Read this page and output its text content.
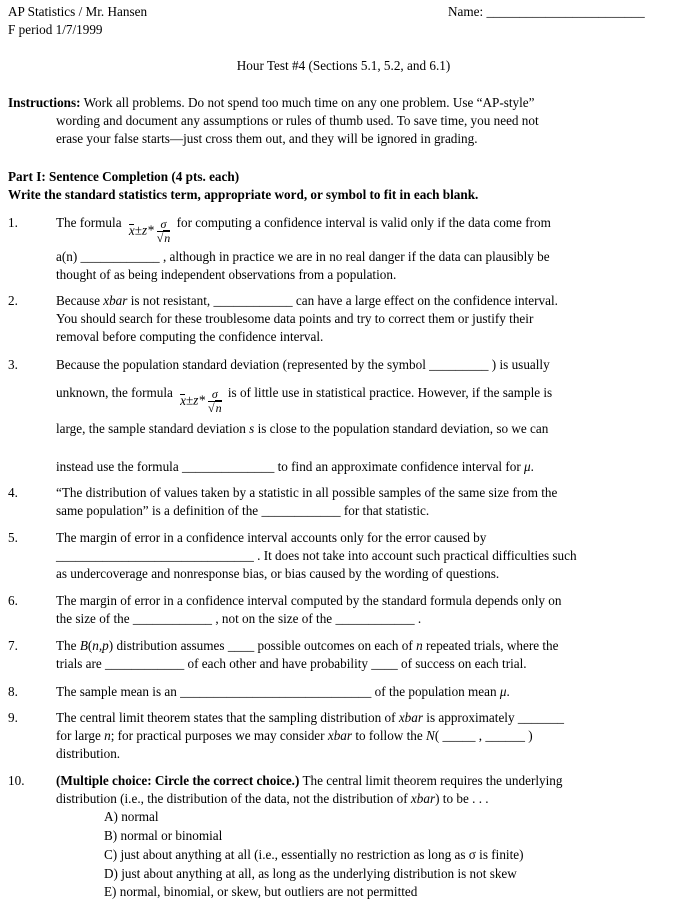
AP Statistics / Mr. Hansen
F period 1/7/1999
Name: ________________________
Hour Test #4 (Sections 5.1, 5.2, and 6.1)
Instructions: Work all problems. Do not spend too much time on any one problem. Use “AP-style”
wording and document any assumptions or rules of thumb used. To save time, you need not
erase your false starts—just cross them out, and they will be ignored in grading.
Part I: Sentence Completion (4 pts. each)
Write the standard statistics term, appropriate word, or symbol to fit in each blank.
1.	The formula $x\pm z* \frac{\sigma}{√n}$ for computing a confidence interval is valid only if the data come from
a(n) ____________ , although in practice we are in no real danger if the data can plausibly be
thought of as being independent observations from a population.
2.	Because xbar is not resistant, ____________ can have a large effect on the confidence interval.
You should search for these troublesome data points and try to correct them or justify their
removal before computing the confidence interval.
3.	Because the population standard deviation (represented by the symbol _________ ) is usually
unknown, the formula $x\pm z* \frac{\sigma}{√n}$ is of little use in statistical practice. However, if the sample is
large, the sample standard deviation s is close to the population standard deviation, so we can
instead use the formula ______________ to find an approximate confidence interval for μ.
4.	“The distribution of values taken by a statistic in all possible samples of the same size from the
same population” is a definition of the ____________ for that statistic.
5.	The margin of error in a confidence interval accounts only for the error caused by
______________________________ . It does not take into account such practical difficulties such
as undercoverage and nonresponse bias, or bias caused by the wording of questions.
6.	The margin of error in a confidence interval computed by the standard formula depends only on
the size of the ____________ , not on the size of the ____________ .
7.	The B(n,p) distribution assumes ____ possible outcomes on each of n repeated trials, where the
trials are ____________ of each other and have probability ____ of success on each trial.
8.	The sample mean is an _____________________________ of the population mean μ.
9.	The central limit theorem states that the sampling distribution of xbar is approximately _______
for large n; for practical purposes we may consider xbar to follow the N( _____ , ______ )
distribution.
10. (Multiple choice: Circle the correct choice.) The central limit theorem requires the underlying
distribution (i.e., the distribution of the data, not the distribution of xbar) to be . . .
A) normal
B) normal or binomial
C) just about anything at all (i.e., essentially no restriction as long as σ is finite)
D) just about anything at all, as long as the underlying distribution is not skew
E) normal, binomial, or skew, but outliers are not permitted
